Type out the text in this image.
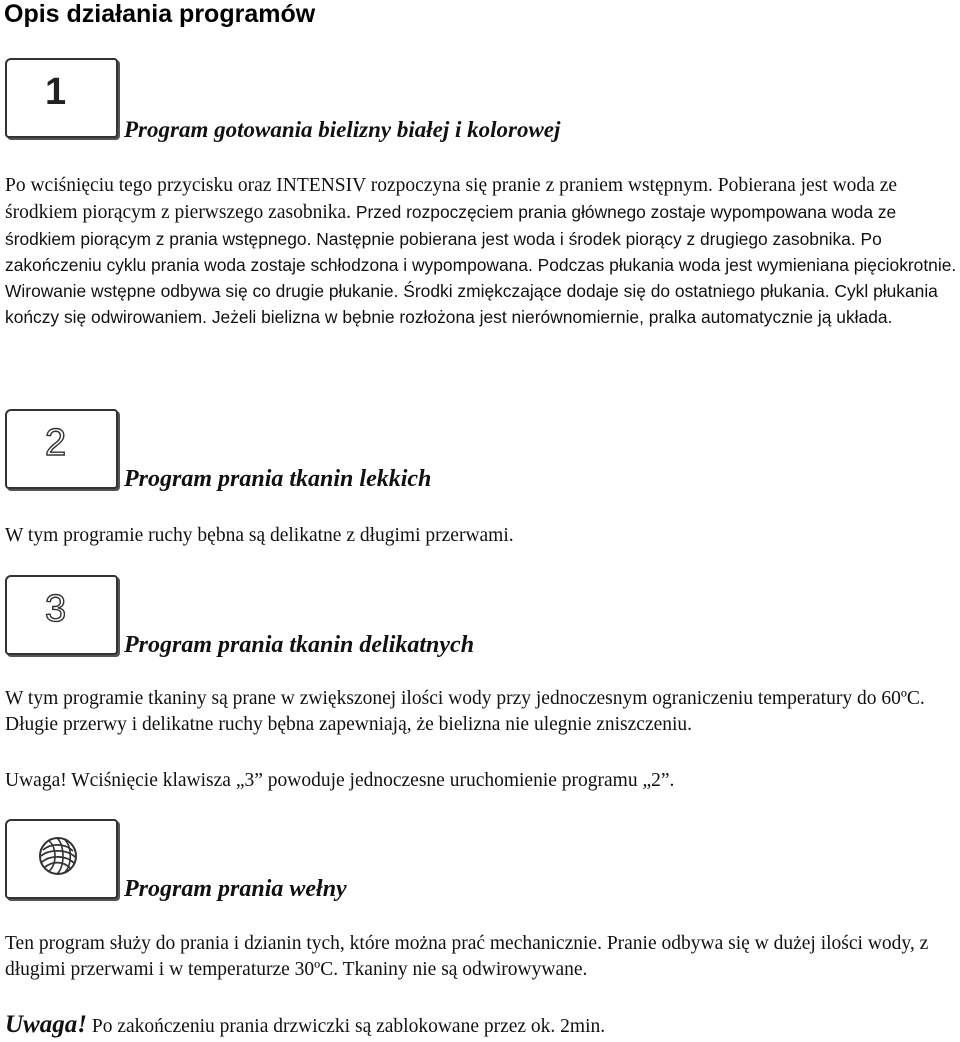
Opis działania programów
1
Program gotowania bielizny białej i kolorowej

Po wciśnięciu tego przycisku oraz INTENSIV rozpoczyna się pranie z praniem wstępnym. Pobierana jest woda ze środkiem piorącym z pierwszego zasobnika. Przed rozpoczęciem prania głównego zostaje wypompowana woda ze środkiem piorącym z prania wstępnego. Następnie pobierana jest woda i środek piorący z drugiego zasobnika. Po zakończeniu cyklu prania woda zostaje schłodzona i wypompowana. Podczas płukania woda jest wymieniana pięciokrotnie. Wirowanie wstępne odbywa się co drugie płukanie. Środki zmiękczające dodaje się do ostatniego płukania. Cykl płukania kończy się odwirowaniem. Jeżeli bielizna w bębnie rozłożona jest nierównomiernie, pralka automatycznie ją układa.

2
Program prania tkanin lekkich

W tym programie ruchy bębna są delikatne z długimi przerwami.

3
Program prania tkanin delikatnych

W tym programie tkaniny są prane w zwiększonej ilości wody przy jednoczesnym ograniczeniu temperatury do 60ºC. Długie przerwy i delikatne ruchy bębna zapewniają, że bielizna nie ulegnie zniszczeniu.

Uwaga! Wciśnięcie klawisza „3” powoduje jednoczesne uruchomienie programu „2”.

Program prania wełny

Ten program służy do prania i dzianin tych, które można prać mechanicznie. Pranie odbywa się w dużej ilości wody, z długimi przerwami i w temperaturze 30ºC. Tkaniny nie są odwirowywane.

Uwaga! Po zakończeniu prania drzwiczki są zablokowane przez ok. 2min.
